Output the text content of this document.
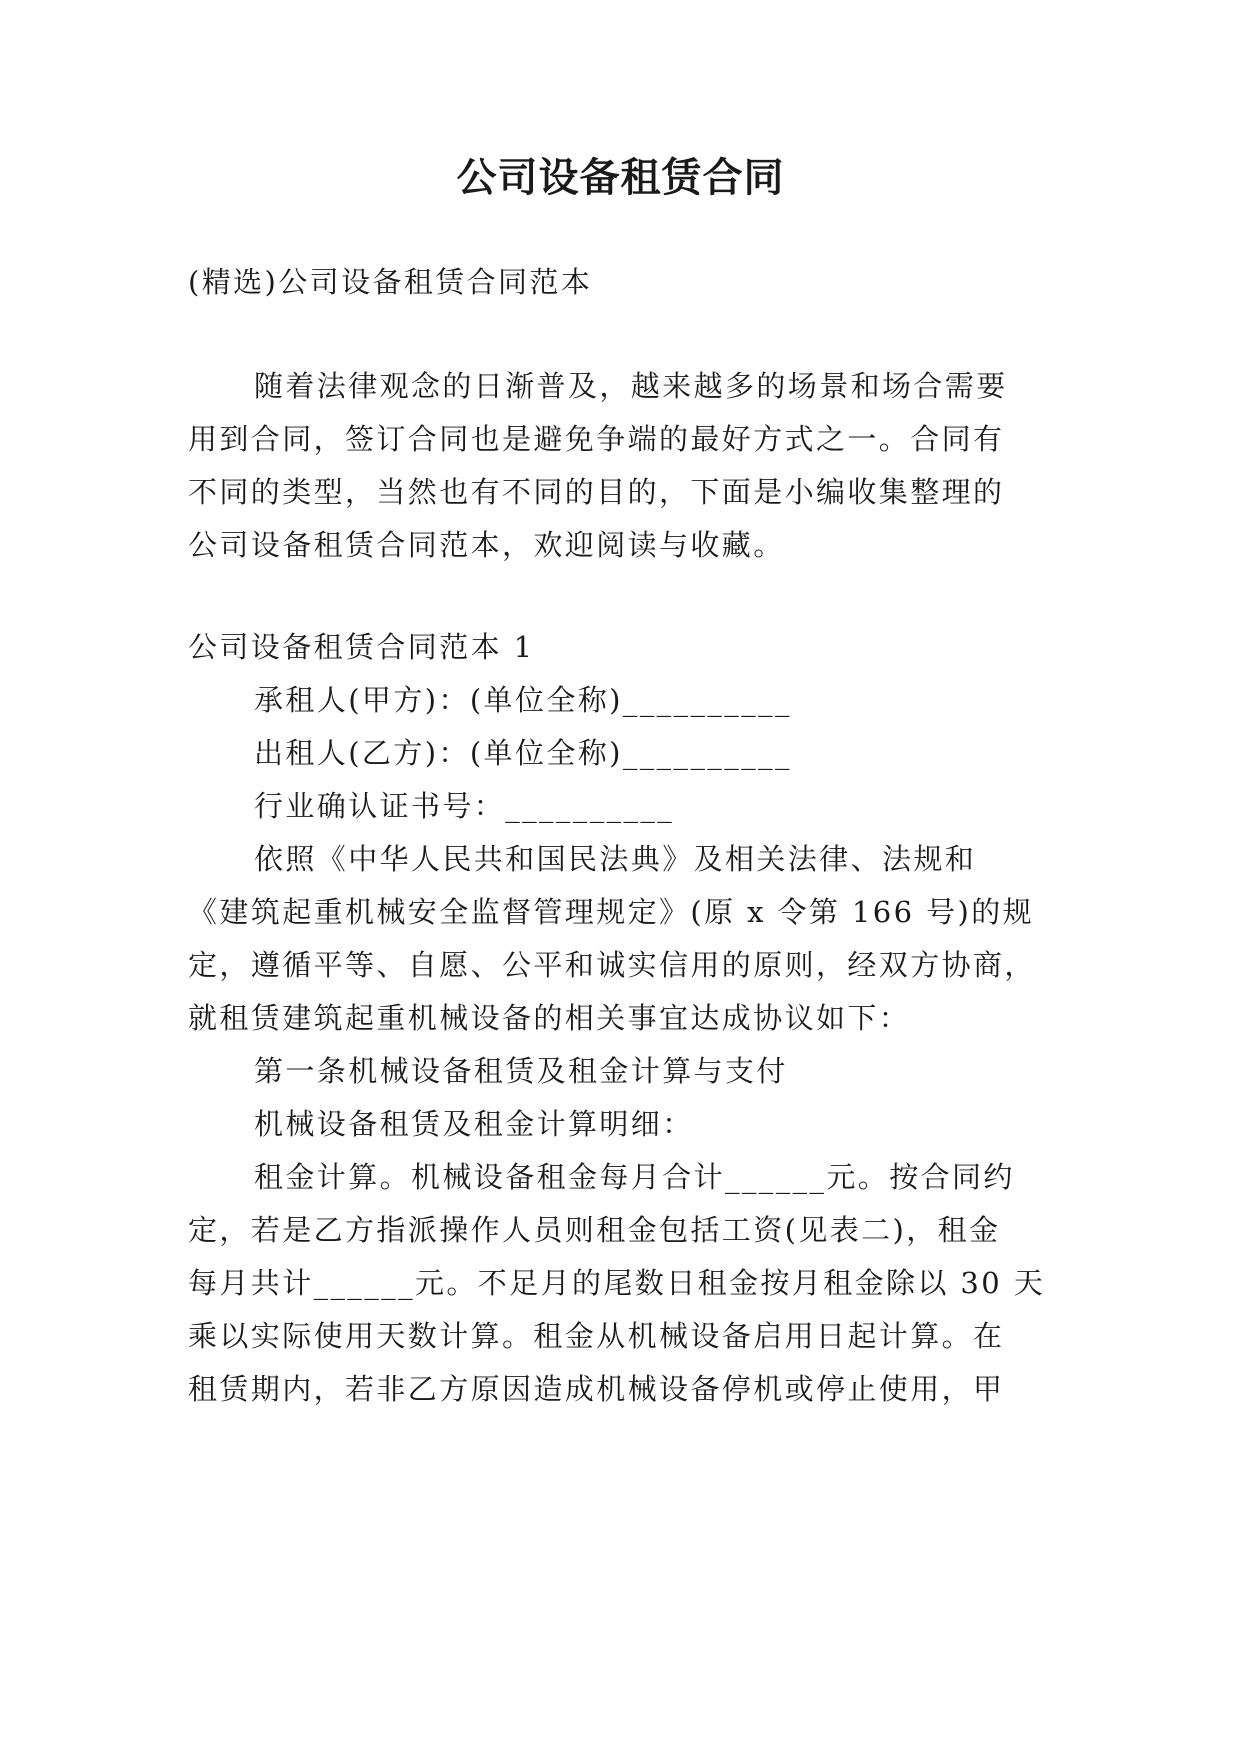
公司设备租赁合同
(精选)公司设备租赁合同范本
随着法律观念的日渐普及，越来越多的场景和场合需要
用到合同，签订合同也是避免争端的最好方式之一。合同有
不同的类型，当然也有不同的目的，下面是小编收集整理的
公司设备租赁合同范本，欢迎阅读与收藏。
公司设备租赁合同范本 1
承租人(甲方)：(单位全称)__________
出租人(乙方)：(单位全称)__________
行业确认证书号：__________
依照《中华人民共和国民法典》及相关法律、法规和
《建筑起重机械安全监督管理规定》(原 x 令第 166 号)的规
定，遵循平等、自愿、公平和诚实信用的原则，经双方协商，
就租赁建筑起重机械设备的相关事宜达成协议如下：
第一条机械设备租赁及租金计算与支付
机械设备租赁及租金计算明细：
租金计算。机械设备租金每月合计______元。按合同约
定，若是乙方指派操作人员则租金包括工资(见表二)，租金
每月共计______元。不足月的尾数日租金按月租金除以 30 天
乘以实际使用天数计算。租金从机械设备启用日起计算。在
租赁期内，若非乙方原因造成机械设备停机或停止使用，甲
